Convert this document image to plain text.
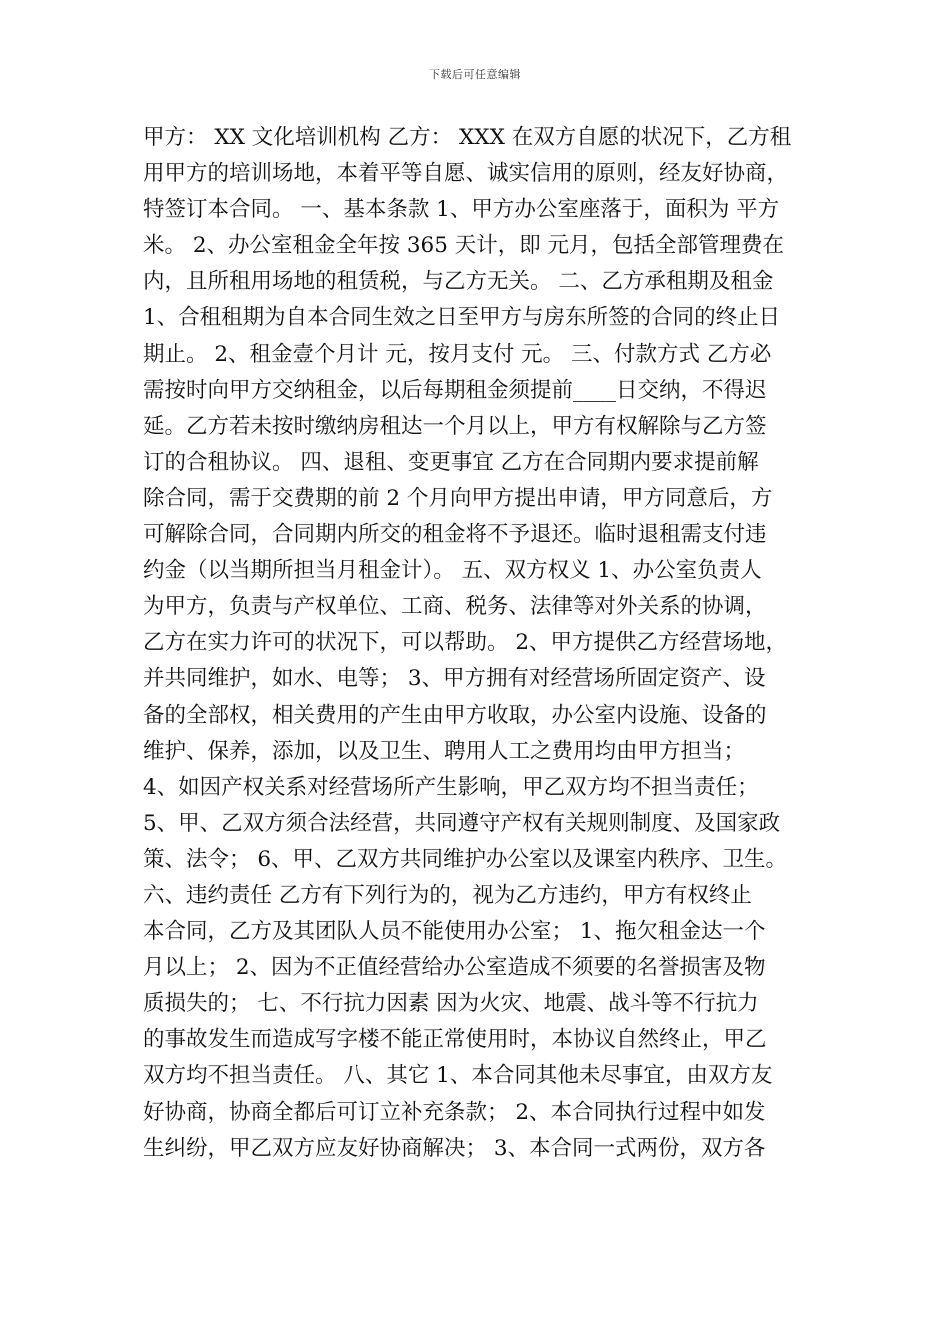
下载后可任意编辑
甲方： XX 文化培训机构 乙方： XXX 在双方自愿的状况下，乙方租
用甲方的培训场地，本着平等自愿、诚实信用的原则，经友好协商，
特签订本合同。 一、基本条款 1、甲方办公室座落于，面积为 平方
米。 2、办公室租金全年按 365 天计，即 元月，包括全部管理费在
内，且所租用场地的租赁税，与乙方无关。 二、乙方承租期及租金
1、合租租期为自本合同生效之日至甲方与房东所签的合同的终止日
期止。 2、租金壹个月计 元，按月支付 元。 三、付款方式 乙方必
需按时向甲方交纳租金，以后每期租金须提前____日交纳，不得迟
延。乙方若未按时缴纳房租达一个月以上，甲方有权解除与乙方签
订的合租协议。 四、退租、变更事宜 乙方在合同期内要求提前解
除合同，需于交费期的前 2 个月向甲方提出申请，甲方同意后，方
可解除合同，合同期内所交的租金将不予退还。临时退租需支付违
约金（以当期所担当月租金计）。 五、双方权义 1、办公室负责人
为甲方，负责与产权单位、工商、税务、法律等对外关系的协调，
乙方在实力许可的状况下，可以帮助。 2、甲方提供乙方经营场地，
并共同维护，如水、电等； 3、甲方拥有对经营场所固定资产、设
备的全部权，相关费用的产生由甲方收取，办公室内设施、设备的
维护、保养，添加，以及卫生、聘用人工之费用均由甲方担当；
4、如因产权关系对经营场所产生影响，甲乙双方均不担当责任；
5、甲、乙双方须合法经营，共同遵守产权有关规则制度、及国家政
策、法令； 6、甲、乙双方共同维护办公室以及课室内秩序、卫生。
六、违约责任 乙方有下列行为的，视为乙方违约，甲方有权终止
本合同，乙方及其团队人员不能使用办公室； 1、拖欠租金达一个
月以上； 2、因为不正值经营给办公室造成不须要的名誉损害及物
质损失的； 七、不行抗力因素 因为火灾、地震、战斗等不行抗力
的事故发生而造成写字楼不能正常使用时，本协议自然终止，甲乙
双方均不担当责任。 八、其它 1、本合同其他未尽事宜，由双方友
好协商，协商全都后可订立补充条款； 2、本合同执行过程中如发
生纠纷，甲乙双方应友好协商解决； 3、本合同一式两份，双方各
